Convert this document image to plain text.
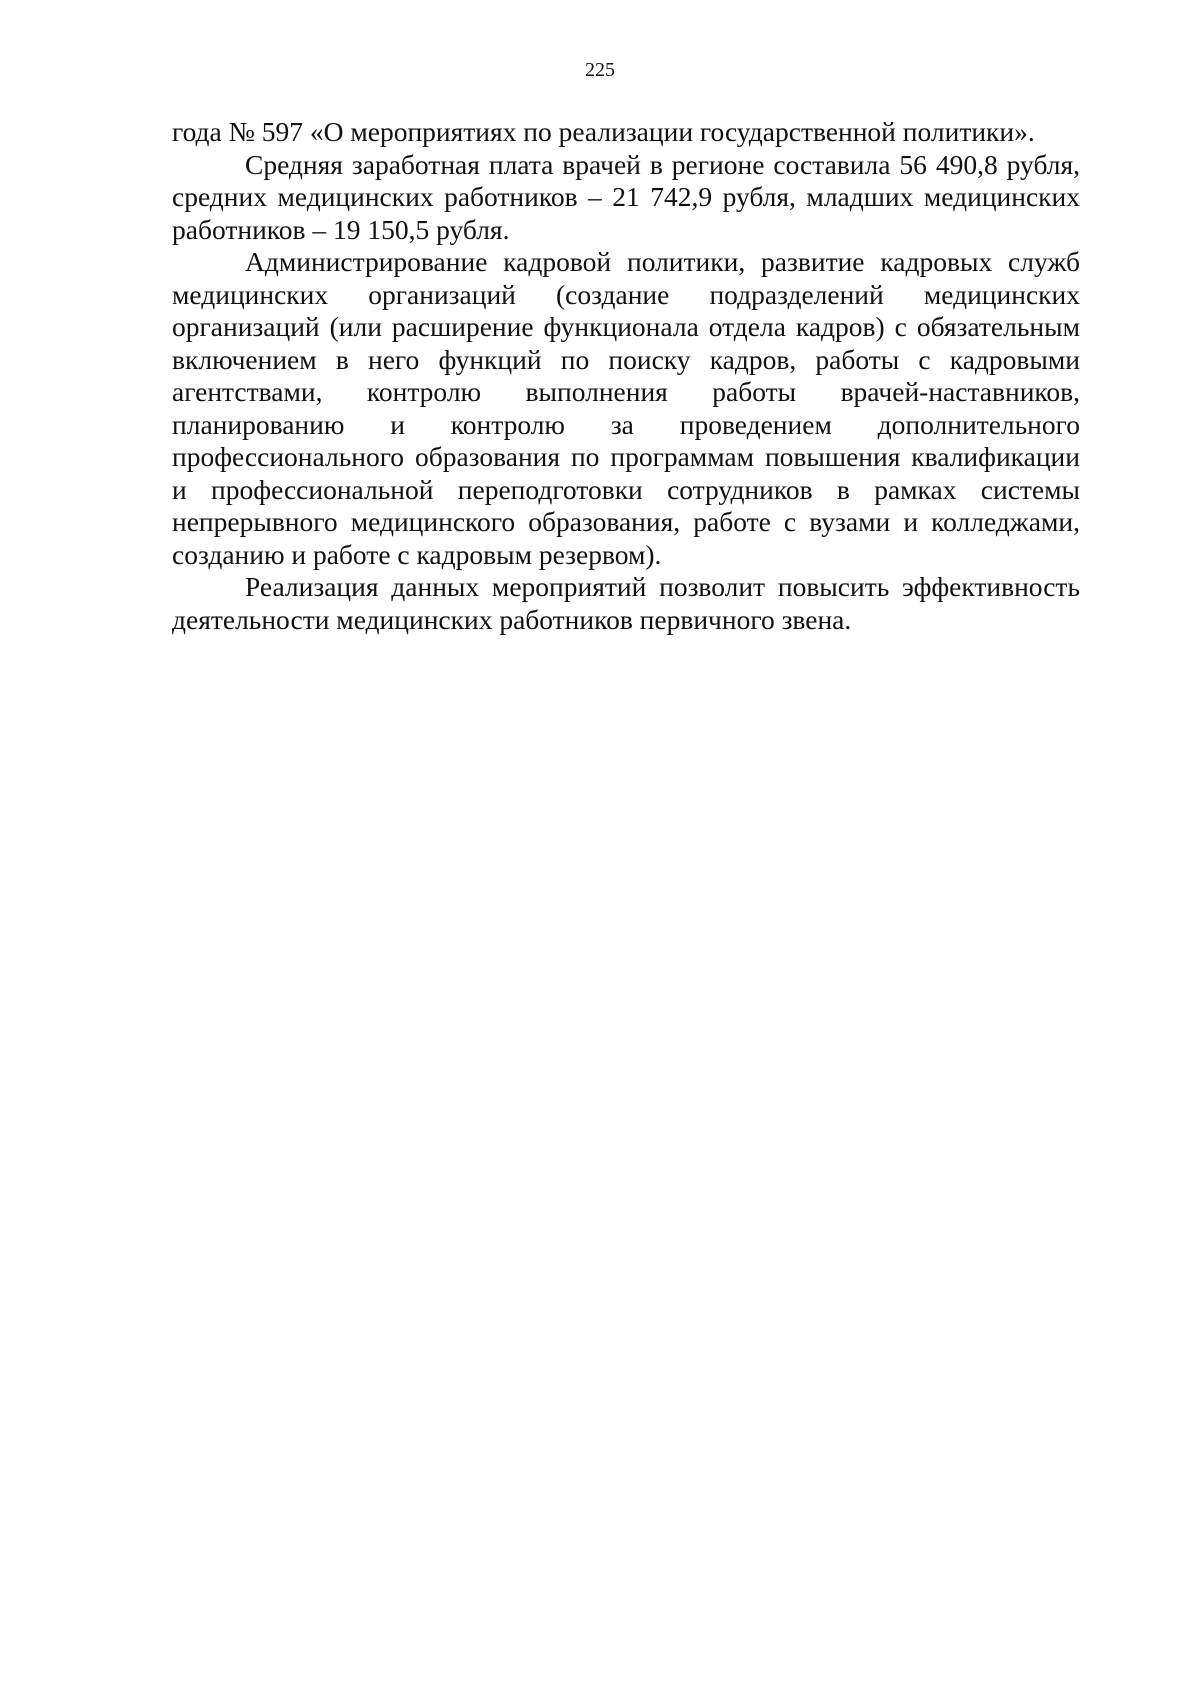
225

года № 597 «О мероприятиях по реализации государственной политики».

Средняя заработная плата врачей в регионе составила 56 490,8 рубля, средних медицинских работников – 21 742,9 рубля, младших медицинских работников – 19 150,5 рубля.

Администрирование кадровой политики, развитие кадровых служб медицинских организаций (создание подразделений медицинских организаций (или расширение функционала отдела кадров) с обязательным включением в него функций по поиску кадров, работы с кадровыми агентствами, контролю выполнения работы врачей-наставников, планированию и контролю за проведением дополнительного профессионального образования по программам повышения квалификации и профессиональной переподготовки сотрудников в рамках системы непрерывного медицинского образования, работе с вузами и колледжами, созданию и работе с кадровым резервом).

Реализация данных мероприятий позволит повысить эффективность деятельности медицинских работников первичного звена.
